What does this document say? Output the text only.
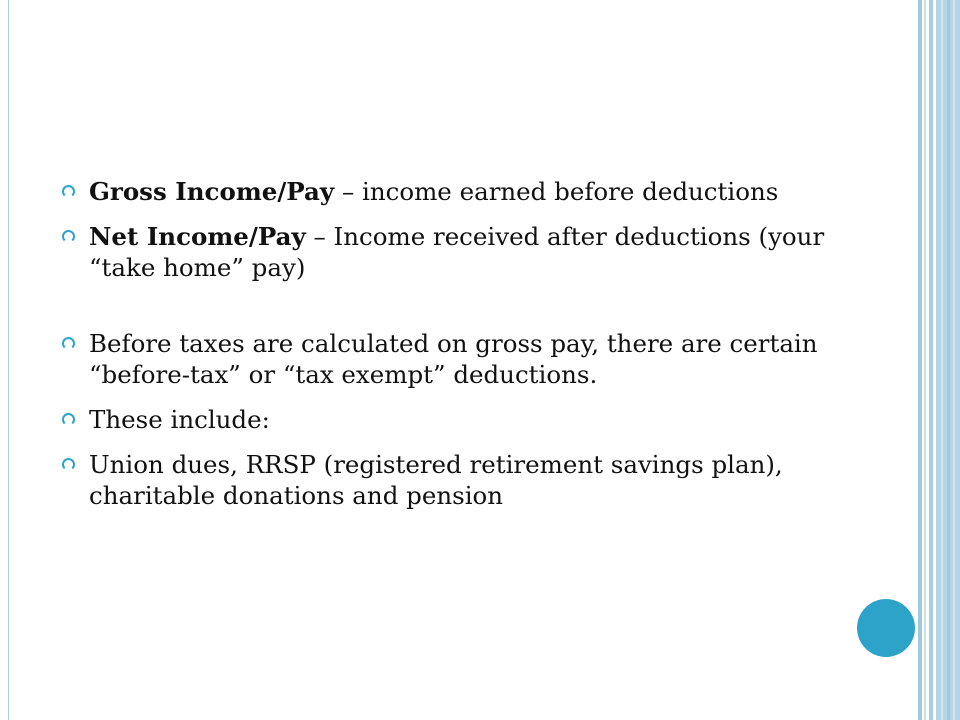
Gross Income/Pay – income earned before deductions
Net Income/Pay – Income received after deductions (your “take home” pay)
Before taxes are calculated on gross pay, there are certain “before-tax” or “tax exempt” deductions.
These include:
Union dues, RRSP (registered retirement savings plan), charitable donations and pension
